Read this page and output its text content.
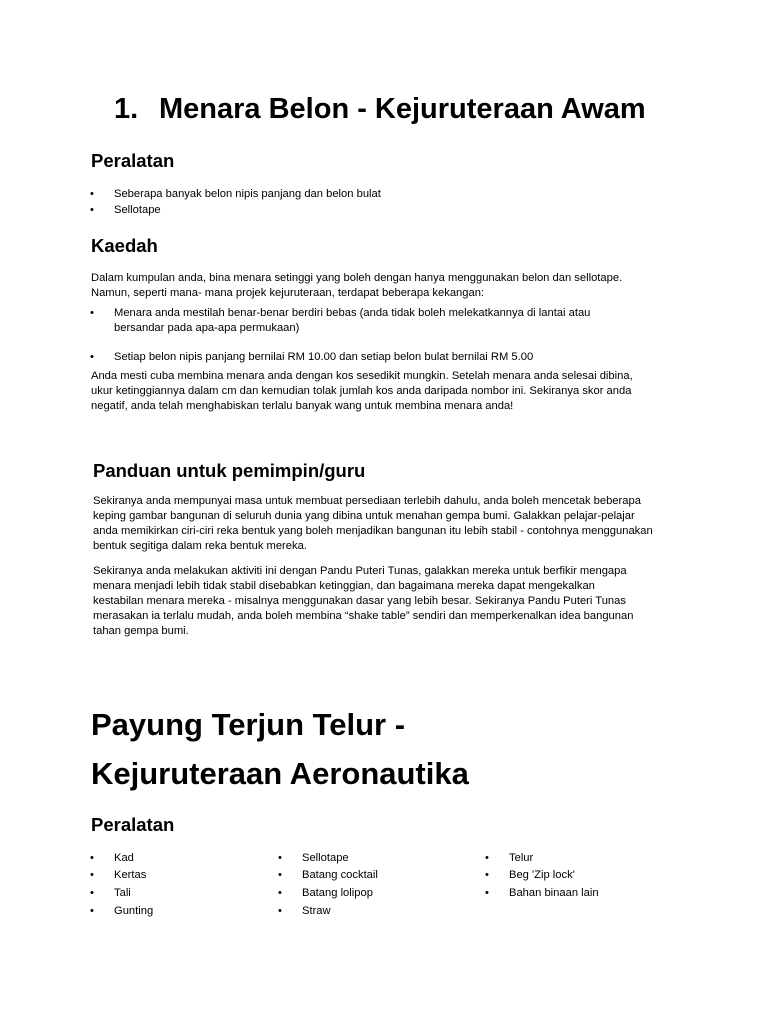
1. Menara Belon - Kejuruteraan Awam
Peralatan
• Seberapa banyak belon nipis panjang dan belon bulat
• Sellotape
Kaedah
Dalam kumpulan anda, bina menara setinggi yang boleh dengan hanya menggunakan belon dan sellotape.
Namun, seperti mana- mana projek kejuruteraan, terdapat beberapa kekangan:
• Menara anda mestilah benar-benar berdiri bebas (anda tidak boleh melekatkannya di lantai atau
bersandar pada apa-apa permukaan)
• Setiap belon nipis panjang bernilai RM 10.00 dan setiap belon bulat bernilai RM 5.00
Anda mesti cuba membina menara anda dengan kos sesedikit mungkin. Setelah menara anda selesai dibina,
ukur ketinggiannya dalam cm dan kemudian tolak jumlah kos anda daripada nombor ini. Sekiranya skor anda
negatif, anda telah menghabiskan terlalu banyak wang untuk membina menara anda!
Panduan untuk pemimpin/guru
Sekiranya anda mempunyai masa untuk membuat persediaan terlebih dahulu, anda boleh mencetak beberapa
keping gambar bangunan di seluruh dunia yang dibina untuk menahan gempa bumi. Galakkan pelajar-pelajar
anda memikirkan ciri-ciri reka bentuk yang boleh menjadikan bangunan itu lebih stabil - contohnya menggunakan
bentuk segitiga dalam reka bentuk mereka.
Sekiranya anda melakukan aktiviti ini dengan Pandu Puteri Tunas, galakkan mereka untuk berfikir mengapa
menara menjadi lebih tidak stabil disebabkan ketinggian, dan bagaimana mereka dapat mengekalkan
kestabilan menara mereka - misalnya menggunakan dasar yang lebih besar. Sekiranya Pandu Puteri Tunas
merasakan ia terlalu mudah, anda boleh membina “shake table” sendiri dan memperkenalkan idea bangunan
tahan gempa bumi.
Payung Terjun Telur -
Kejuruteraan Aeronautika
Peralatan
• Kad
• Kertas
• Tali
• Gunting
• Sellotape
• Batang cocktail
• Batang lolipop
• Straw
• Telur
• Beg 'Zip lock'
• Bahan binaan lain
